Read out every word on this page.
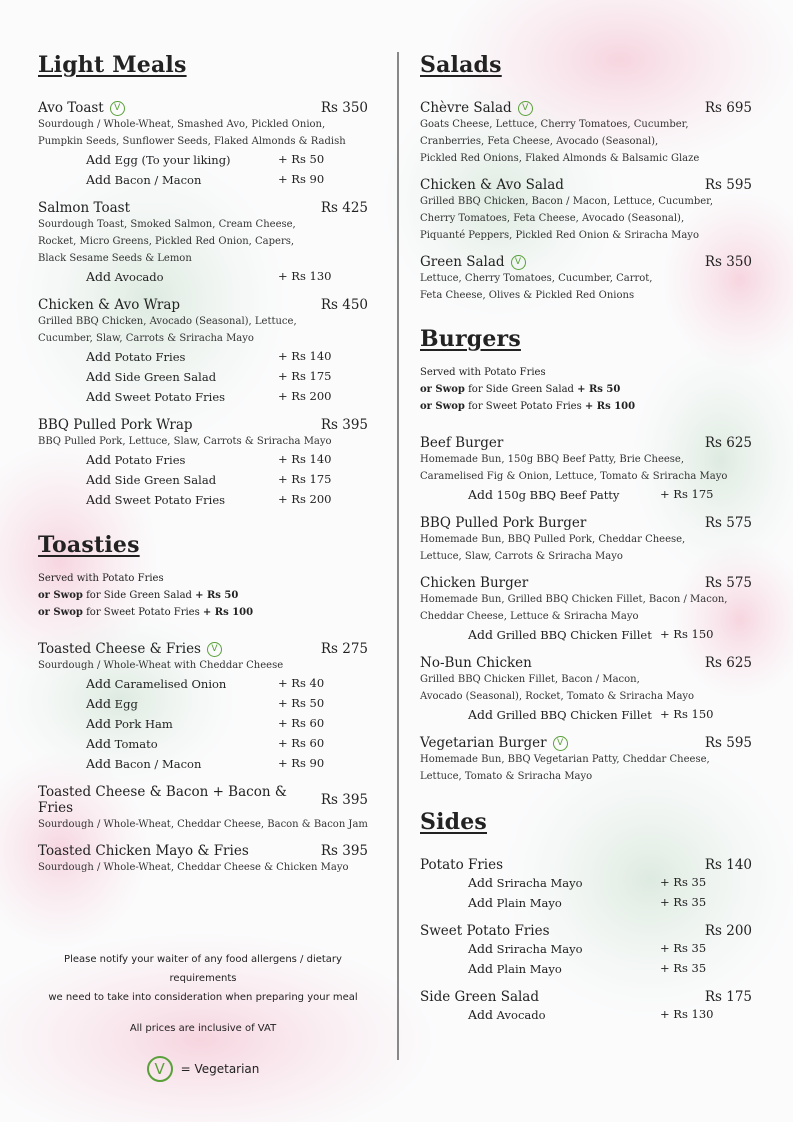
Light Meals
Avo Toast	V	Rs 350
Sourdough / Whole-Wheat, Smashed Avo, Pickled Onion,
Pumpkin Seeds, Sunflower Seeds, Flaked Almonds & Radish
Add Egg (To your liking)	+ Rs 50
Add Bacon / Macon	+ Rs 90
Salmon Toast	Rs 425
Sourdough Toast, Smoked Salmon, Cream Cheese,
Rocket, Micro Greens, Pickled Red Onion, Capers,
Black Sesame Seeds & Lemon
Add Avocado	+ Rs 130
Chicken & Avo Wrap	Rs 450
Grilled BBQ Chicken, Avocado (Seasonal), Lettuce,
Cucumber, Slaw, Carrots & Sriracha Mayo
Add Potato Fries	+ Rs 140
Add Side Green Salad	+ Rs 175
Add Sweet Potato Fries	+ Rs 200
BBQ Pulled Pork Wrap	Rs 395
BBQ Pulled Pork, Lettuce, Slaw, Carrots & Sriracha Mayo
Add Potato Fries	+ Rs 140
Add Side Green Salad	+ Rs 175
Add Sweet Potato Fries	+ Rs 200
Toasties
Served with Potato Fries
or Swop for Side Green Salad + Rs 50
or Swop for Sweet Potato Fries + Rs 100
Toasted Cheese & Fries	V	Rs 275
Sourdough / Whole-Wheat with Cheddar Cheese
Add Caramelised Onion	+ Rs 40
Add Egg	+ Rs 50
Add Pork Ham	+ Rs 60
Add Tomato	+ Rs 60
Add Bacon / Macon	+ Rs 90
Toasted Cheese & Bacon + Bacon & Fries	Rs 395
Sourdough / Whole-Wheat, Cheddar Cheese, Bacon & Bacon Jam
Toasted Chicken Mayo & Fries	Rs 395
Sourdough / Whole-Wheat, Cheddar Cheese & Chicken Mayo

Please notify your waiter of any food allergens / dietary requirements

we need to take into consideration when preparing your meal

All prices are inclusive of VAT

V	= Vegetarian
Salads
Chèvre Salad	V	Rs 695
Goats Cheese, Lettuce, Cherry Tomatoes, Cucumber,
Cranberries, Feta Cheese, Avocado (Seasonal),
Pickled Red Onions, Flaked Almonds & Balsamic Glaze
Chicken & Avo Salad	Rs 595
Grilled BBQ Chicken, Bacon / Macon, Lettuce, Cucumber,
Cherry Tomatoes, Feta Cheese, Avocado (Seasonal),
Piquanté Peppers, Pickled Red Onion & Sriracha Mayo
Green Salad	V	Rs 350
Lettuce, Cherry Tomatoes, Cucumber, Carrot,
Feta Cheese, Olives & Pickled Red Onions
Burgers
Served with Potato Fries
or Swop for Side Green Salad + Rs 50
or Swop for Sweet Potato Fries + Rs 100
Beef Burger	Rs 625
Homemade Bun, 150g BBQ Beef Patty, Brie Cheese,
Caramelised Fig & Onion, Lettuce, Tomato & Sriracha Mayo
Add 150g BBQ Beef Patty	+ Rs 175
BBQ Pulled Pork Burger	Rs 575
Homemade Bun, BBQ Pulled Pork, Cheddar Cheese,
Lettuce, Slaw, Carrots & Sriracha Mayo
Chicken Burger	Rs 575
Homemade Bun, Grilled BBQ Chicken Fillet, Bacon / Macon,
Cheddar Cheese, Lettuce & Sriracha Mayo
Add Grilled BBQ Chicken Fillet + Rs 150
No-Bun Chicken	Rs 625
Grilled BBQ Chicken Fillet, Bacon / Macon,
Avocado (Seasonal), Rocket, Tomato & Sriracha Mayo
Add Grilled BBQ Chicken Fillet + Rs 150
Vegetarian Burger	V	Rs 595
Homemade Bun, BBQ Vegetarian Patty, Cheddar Cheese,
Lettuce, Tomato & Sriracha Mayo
Sides
Potato Fries	Rs 140
Add Sriracha Mayo	+ Rs 35
Add Plain Mayo	+ Rs 35
Sweet Potato Fries	Rs 200
Add Sriracha Mayo	+ Rs 35
Add Plain Mayo	+ Rs 35
Side Green Salad	Rs 175
Add Avocado	+ Rs 130
